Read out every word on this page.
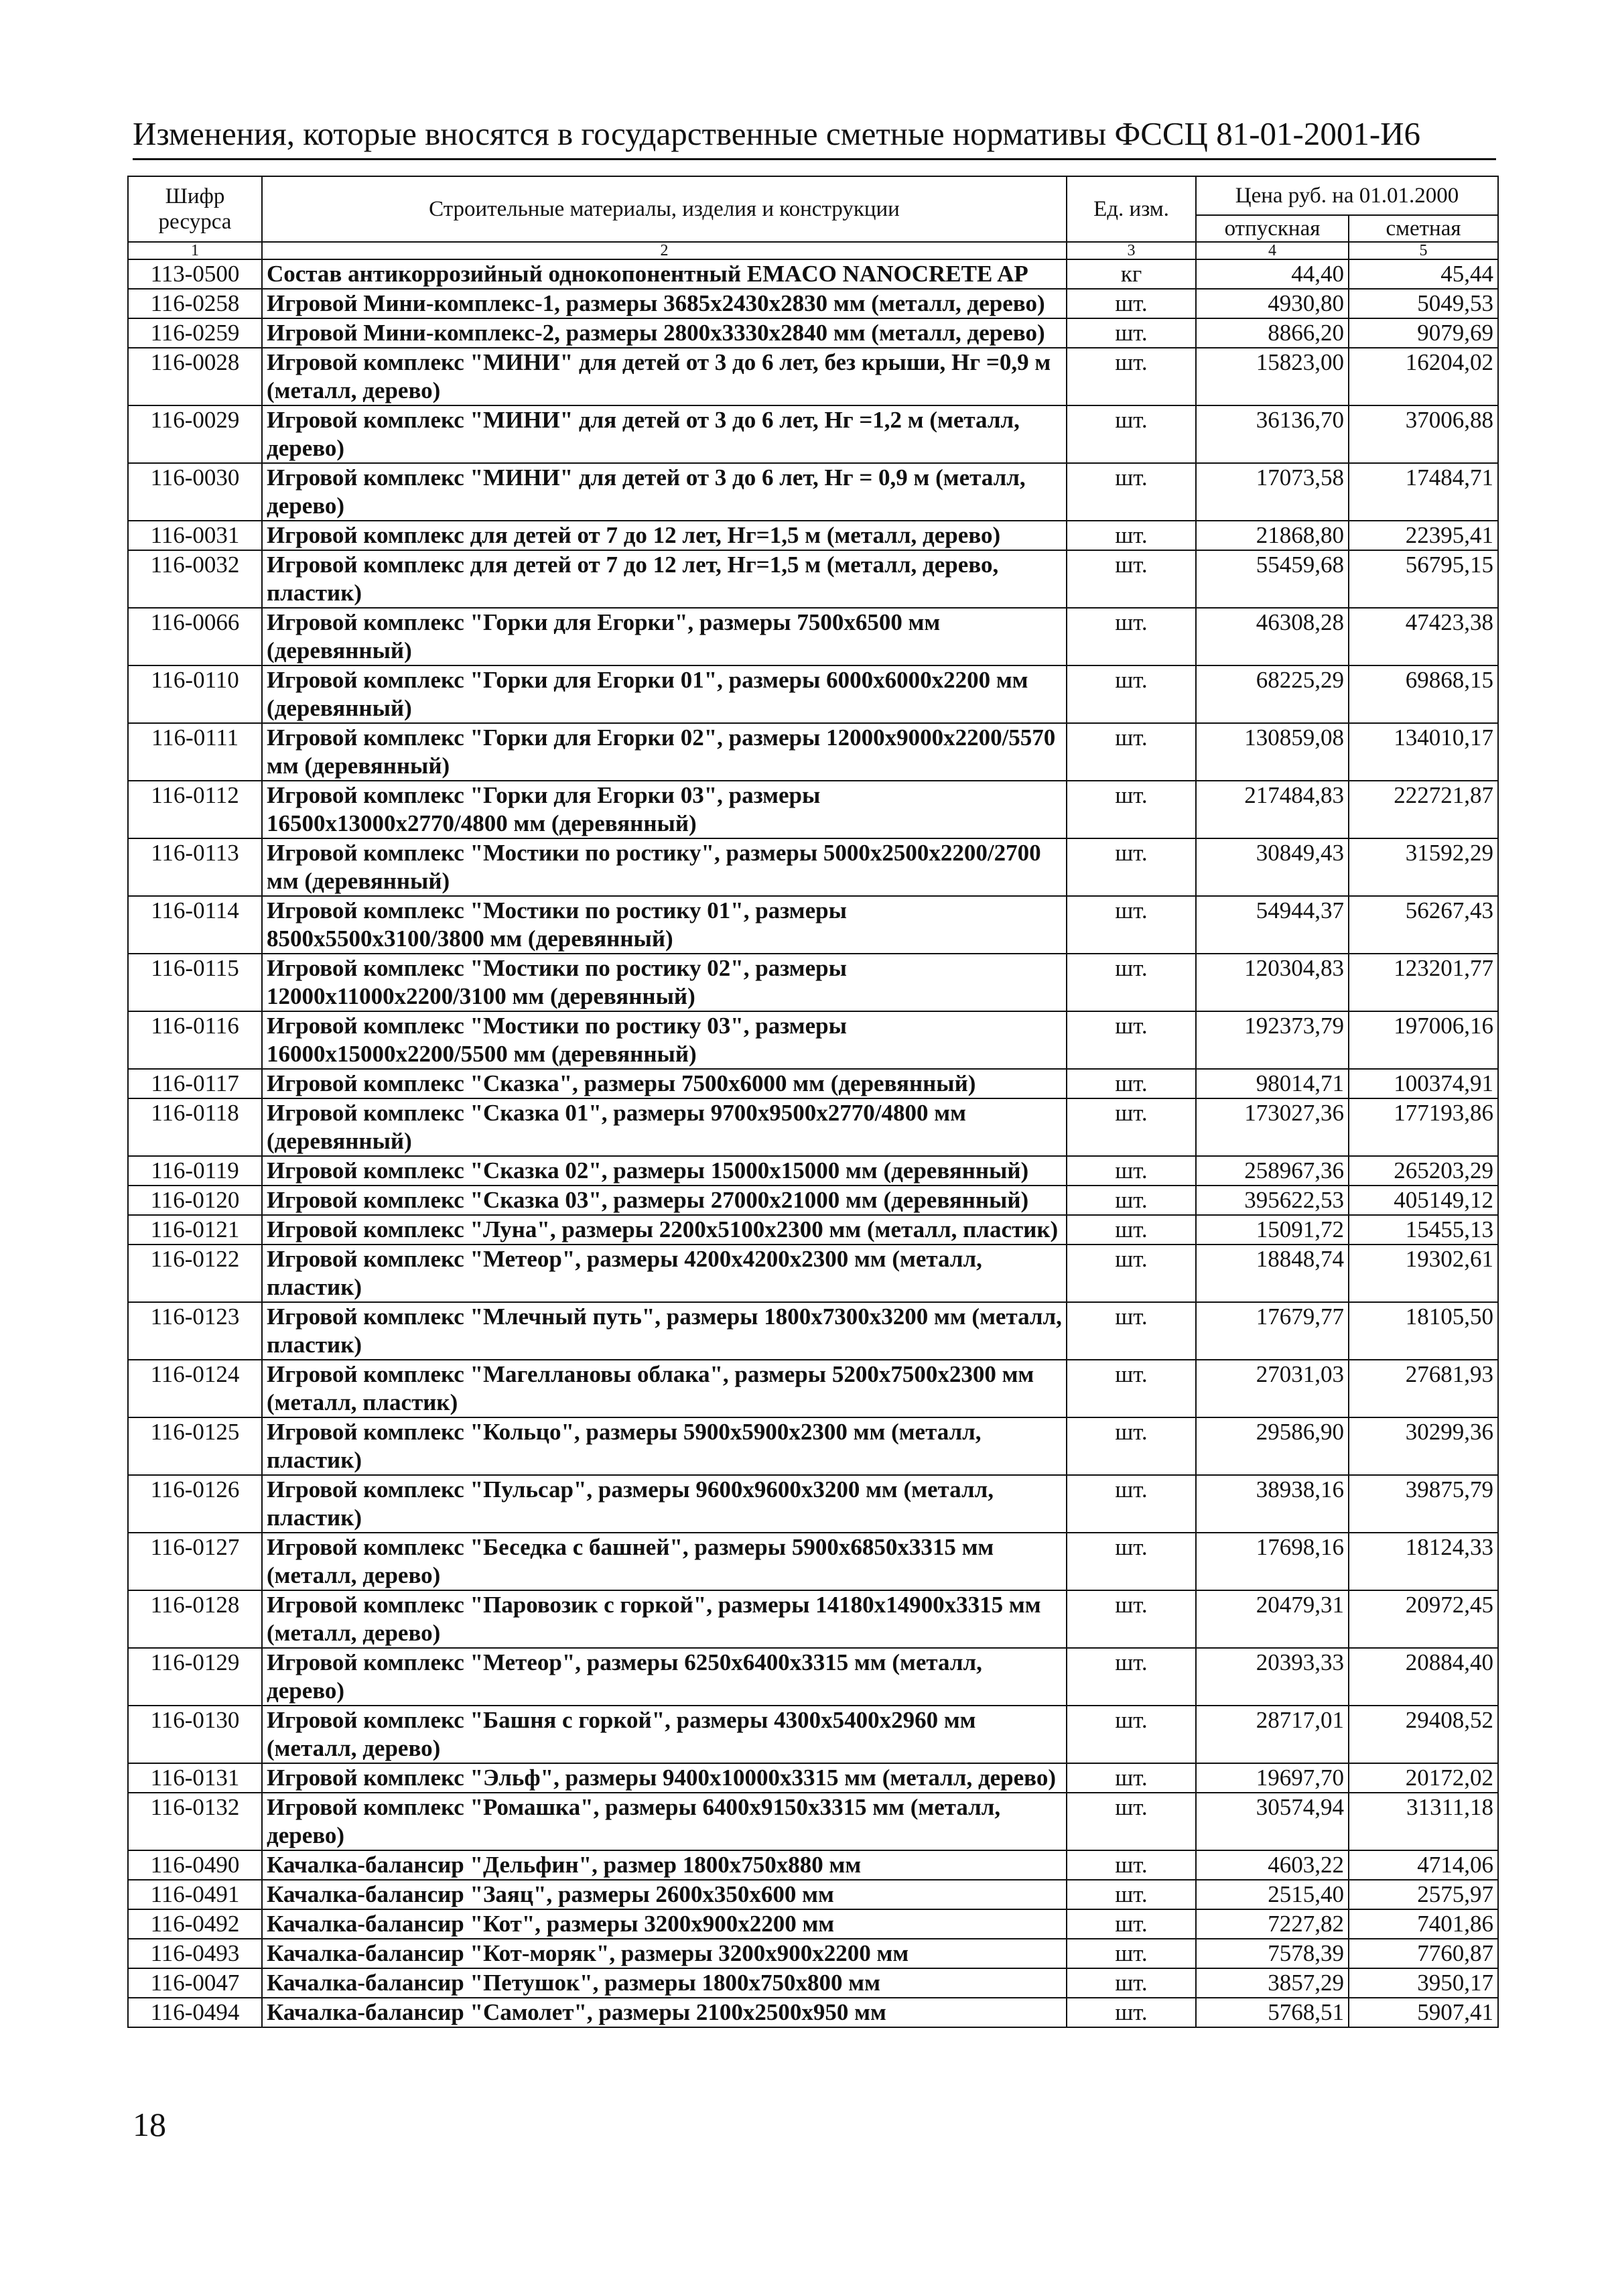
Изменения, которые вносятся в государственные сметные нормативы ФССЦ 81-01-2001-И6
Шифр ресурса	Строительные материалы, изделия и конструкции	Ед. изм.	Цена руб. на 01.01.2000	
			отпускная	сметная
1	2	3	4	5
113-0500	Состав антикоррозийный однокопонентный EMACO NANOCRETE AP	кг	44,40	45,44
116-0258	Игровой Мини-комплекс-1, размеры 3685х2430х2830 мм (металл, дерево)	шт.	4930,80	5049,53
116-0259	Игровой Мини-комплекс-2, размеры 2800х3330х2840 мм (металл, дерево)	шт.	8866,20	9079,69
116-0028	Игровой комплекс "МИНИ" для детей от 3 до 6 лет, без крыши, Нг =0,9 м (металл, дерево)	шт.	15823,00	16204,02
116-0029	Игровой комплекс "МИНИ" для детей от 3 до 6 лет, Нг =1,2 м (металл, дерево)	шт.	36136,70	37006,88
116-0030	Игровой комплекс "МИНИ" для детей от 3 до 6 лет, Нг = 0,9 м (металл, дерево)	шт.	17073,58	17484,71
116-0031	Игровой комплекс для детей от 7 до 12 лет, Нг=1,5 м (металл, дерево)	шт.	21868,80	22395,41
116-0032	Игровой комплекс для детей от 7 до 12 лет, Нг=1,5 м (металл, дерево, пластик)	шт.	55459,68	56795,15
116-0066	Игровой комплекс "Горки для Егорки", размеры 7500х6500 мм (деревянный)	шт.	46308,28	47423,38
116-0110	Игровой комплекс "Горки для Егорки 01", размеры 6000х6000х2200 мм (деревянный)	шт.	68225,29	69868,15
116-0111	Игровой комплекс "Горки для Егорки 02", размеры 12000х9000х2200/5570 мм (деревянный)	шт.	130859,08	134010,17
116-0112	Игровой комплекс "Горки для Егорки 03", размеры 16500х13000х2770/4800 мм (деревянный)	шт.	217484,83	222721,87
116-0113	Игровой комплекс "Мостики по ростику", размеры 5000х2500х2200/2700 мм (деревянный)	шт.	30849,43	31592,29
116-0114	Игровой комплекс "Мостики по ростику 01", размеры 8500х5500х3100/3800 мм (деревянный)	шт.	54944,37	56267,43
116-0115	Игровой комплекс "Мостики по ростику 02", размеры 12000х11000х2200/3100 мм (деревянный)	шт.	120304,83	123201,77
116-0116	Игровой комплекс "Мостики по ростику 03", размеры 16000х15000х2200/5500 мм (деревянный)	шт.	192373,79	197006,16
116-0117	Игровой комплекс "Сказка", размеры 7500х6000 мм (деревянный)	шт.	98014,71	100374,91
116-0118	Игровой комплекс "Сказка 01", размеры 9700х9500х2770/4800 мм (деревянный)	шт.	173027,36	177193,86
116-0119	Игровой комплекс "Сказка 02", размеры 15000х15000 мм (деревянный)	шт.	258967,36	265203,29
116-0120	Игровой комплекс "Сказка 03", размеры 27000х21000 мм (деревянный)	шт.	395622,53	405149,12
116-0121	Игровой комплекс "Луна", размеры 2200х5100х2300 мм (металл, пластик)	шт.	15091,72	15455,13
116-0122	Игровой комплекс "Метеор", размеры 4200х4200х2300 мм (металл, пластик)	шт.	18848,74	19302,61
116-0123	Игровой комплекс "Млечный путь", размеры 1800х7300х3200 мм (металл, пластик)	шт.	17679,77	18105,50
116-0124	Игровой комплекс "Магеллановы облака", размеры 5200х7500х2300 мм (металл, пластик)	шт.	27031,03	27681,93
116-0125	Игровой комплекс "Кольцо", размеры 5900х5900х2300 мм (металл, пластик)	шт.	29586,90	30299,36
116-0126	Игровой комплекс "Пульсар", размеры 9600х9600х3200 мм (металл, пластик)	шт.	38938,16	39875,79
116-0127	Игровой комплекс "Беседка с башней", размеры 5900х6850х3315 мм (металл, дерево)	шт.	17698,16	18124,33
116-0128	Игровой комплекс "Паровозик с горкой", размеры 14180х14900х3315 мм (металл, дерево)	шт.	20479,31	20972,45
116-0129	Игровой комплекс "Метеор", размеры 6250х6400х3315 мм (металл, дерево)	шт.	20393,33	20884,40
116-0130	Игровой комплекс "Башня с горкой", размеры 4300х5400х2960 мм (металл, дерево)	шт.	28717,01	29408,52
116-0131	Игровой комплекс "Эльф", размеры 9400х10000х3315 мм (металл, дерево)	шт.	19697,70	20172,02
116-0132	Игровой комплекс "Ромашка", размеры 6400х9150х3315 мм (металл, дерево)	шт.	30574,94	31311,18
116-0490	Качалка-балансир "Дельфин", размер 1800х750х880 мм	шт.	4603,22	4714,06
116-0491	Качалка-балансир "Заяц", размеры 2600х350х600 мм	шт.	2515,40	2575,97
116-0492	Качалка-балансир "Кот", размеры 3200х900х2200 мм	шт.	7227,82	7401,86
116-0493	Качалка-балансир "Кот-моряк", размеры 3200х900х2200 мм	шт.	7578,39	7760,87
116-0047	Качалка-балансир "Петушок", размеры 1800х750х800 мм	шт.	3857,29	3950,17
116-0494	Качалка-балансир "Самолет", размеры 2100х2500х950 мм	шт.	5768,51	5907,41
18
